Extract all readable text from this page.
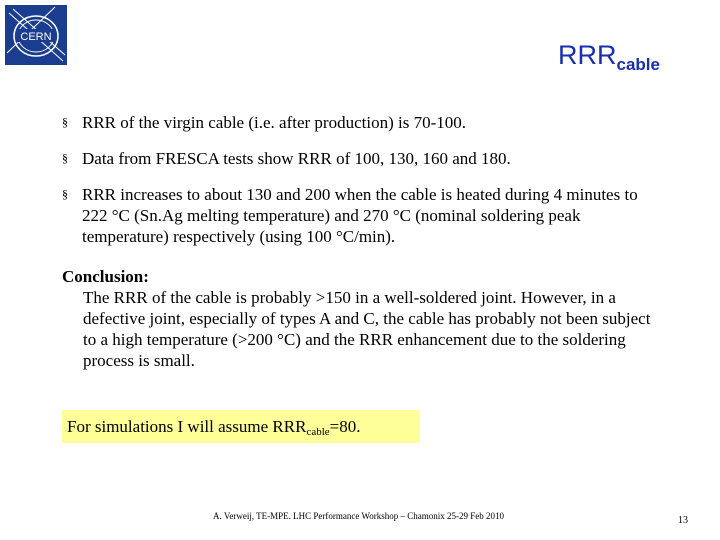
CERN
$RRR_{cable}$
§ RRR of the virgin cable (i.e. after production) is 70-100.
§ Data from FRESCA tests show RRR of 100, 130, 160 and 180.
§ RRR increases to about 130 and 200 when the cable is heated during 4 minutes to 222 °C (Sn.Ag melting temperature) and 270 °C (nominal soldering peak temperature) respectively (using 100 °C/min).
Conclusion:
The RRR of the cable is probably >150 in a well-soldered joint. However, in a defective joint, especially of types A and C, the cable has probably not been subject to a high temperature (>200 °C) and the RRR enhancement due to the soldering process is small.
For simulations I will assume $RRR_{cable}=80$.
A. Verweij, TE-MPE. LHC Performance Workshop – Chamonix 25-29 Feb 2010	13
